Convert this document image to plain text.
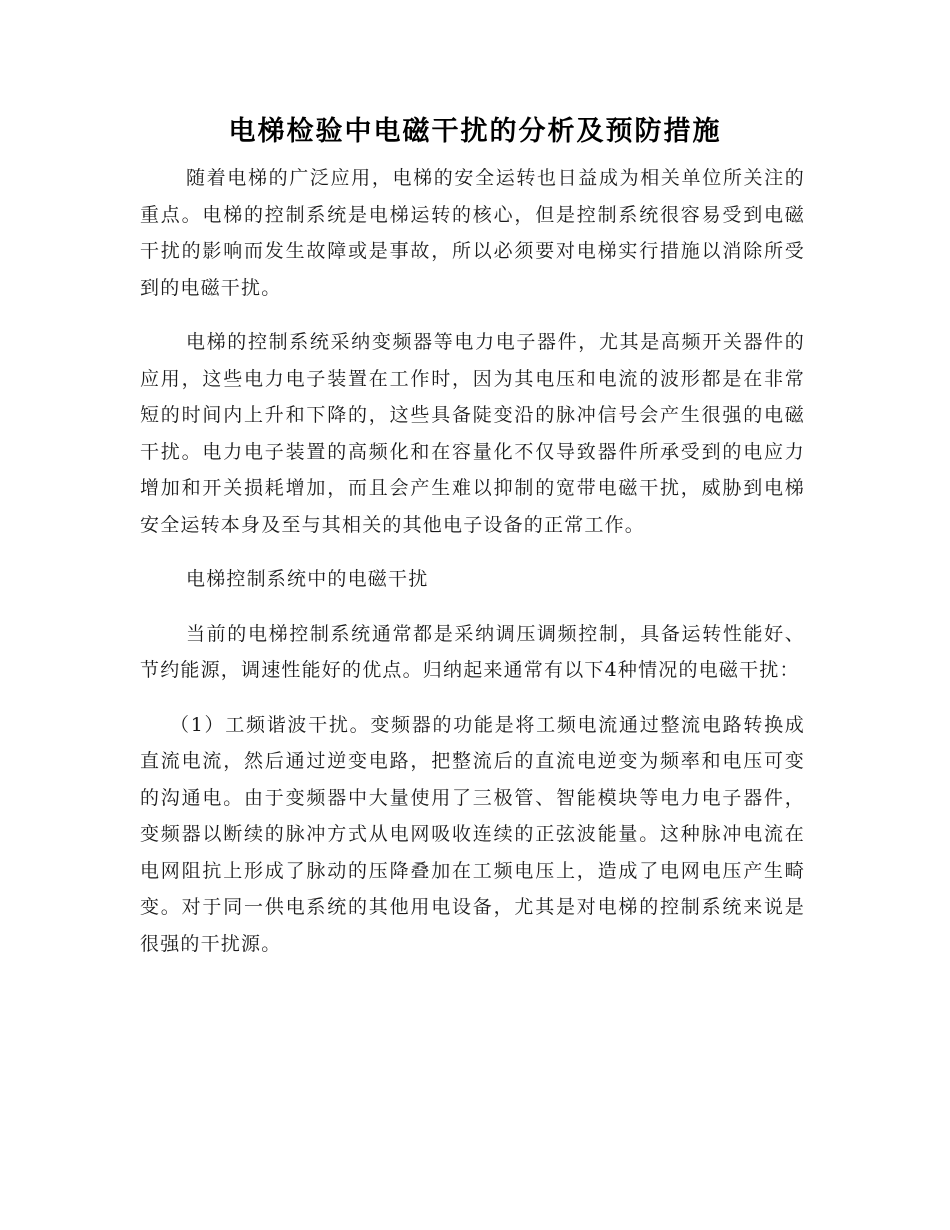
电梯检验中电磁干扰的分析及预防措施

随着电梯的广泛应用，电梯的安全运转也日益成为相关单位所关注的重点。电梯的控制系统是电梯运转的核心，但是控制系统很容易受到电磁干扰的影响而发生故障或是事故，所以必须要对电梯实行措施以消除所受到的电磁干扰。

电梯的控制系统采纳变频器等电力电子器件，尤其是高频开关器件的应用，这些电力电子装置在工作时，因为其电压和电流的波形都是在非常短的时间内上升和下降的，这些具备陡变沿的脉冲信号会产生很强的电磁干扰。电力电子装置的高频化和在容量化不仅导致器件所承受到的电应力增加和开关损耗增加，而且会产生难以抑制的宽带电磁干扰，威胁到电梯安全运转本身及至与其相关的其他电子设备的正常工作。

电梯控制系统中的电磁干扰

当前的电梯控制系统通常都是采纳调压调频控制，具备运转性能好、节约能源，调速性能好的优点。归纳起来通常有以下4种情况的电磁干扰：

（1）工频谐波干扰。变频器的功能是将工频电流通过整流电路转换成直流电流，然后通过逆变电路，把整流后的直流电逆变为频率和电压可变的沟通电。由于变频器中大量使用了三极管、智能模块等电力电子器件，变频器以断续的脉冲方式从电网吸收连续的正弦波能量。这种脉冲电流在电网阻抗上形成了脉动的压降叠加在工频电压上，造成了电网电压产生畸变。对于同一供电系统的其他用电设备，尤其是对电梯的控制系统来说是很强的干扰源。
